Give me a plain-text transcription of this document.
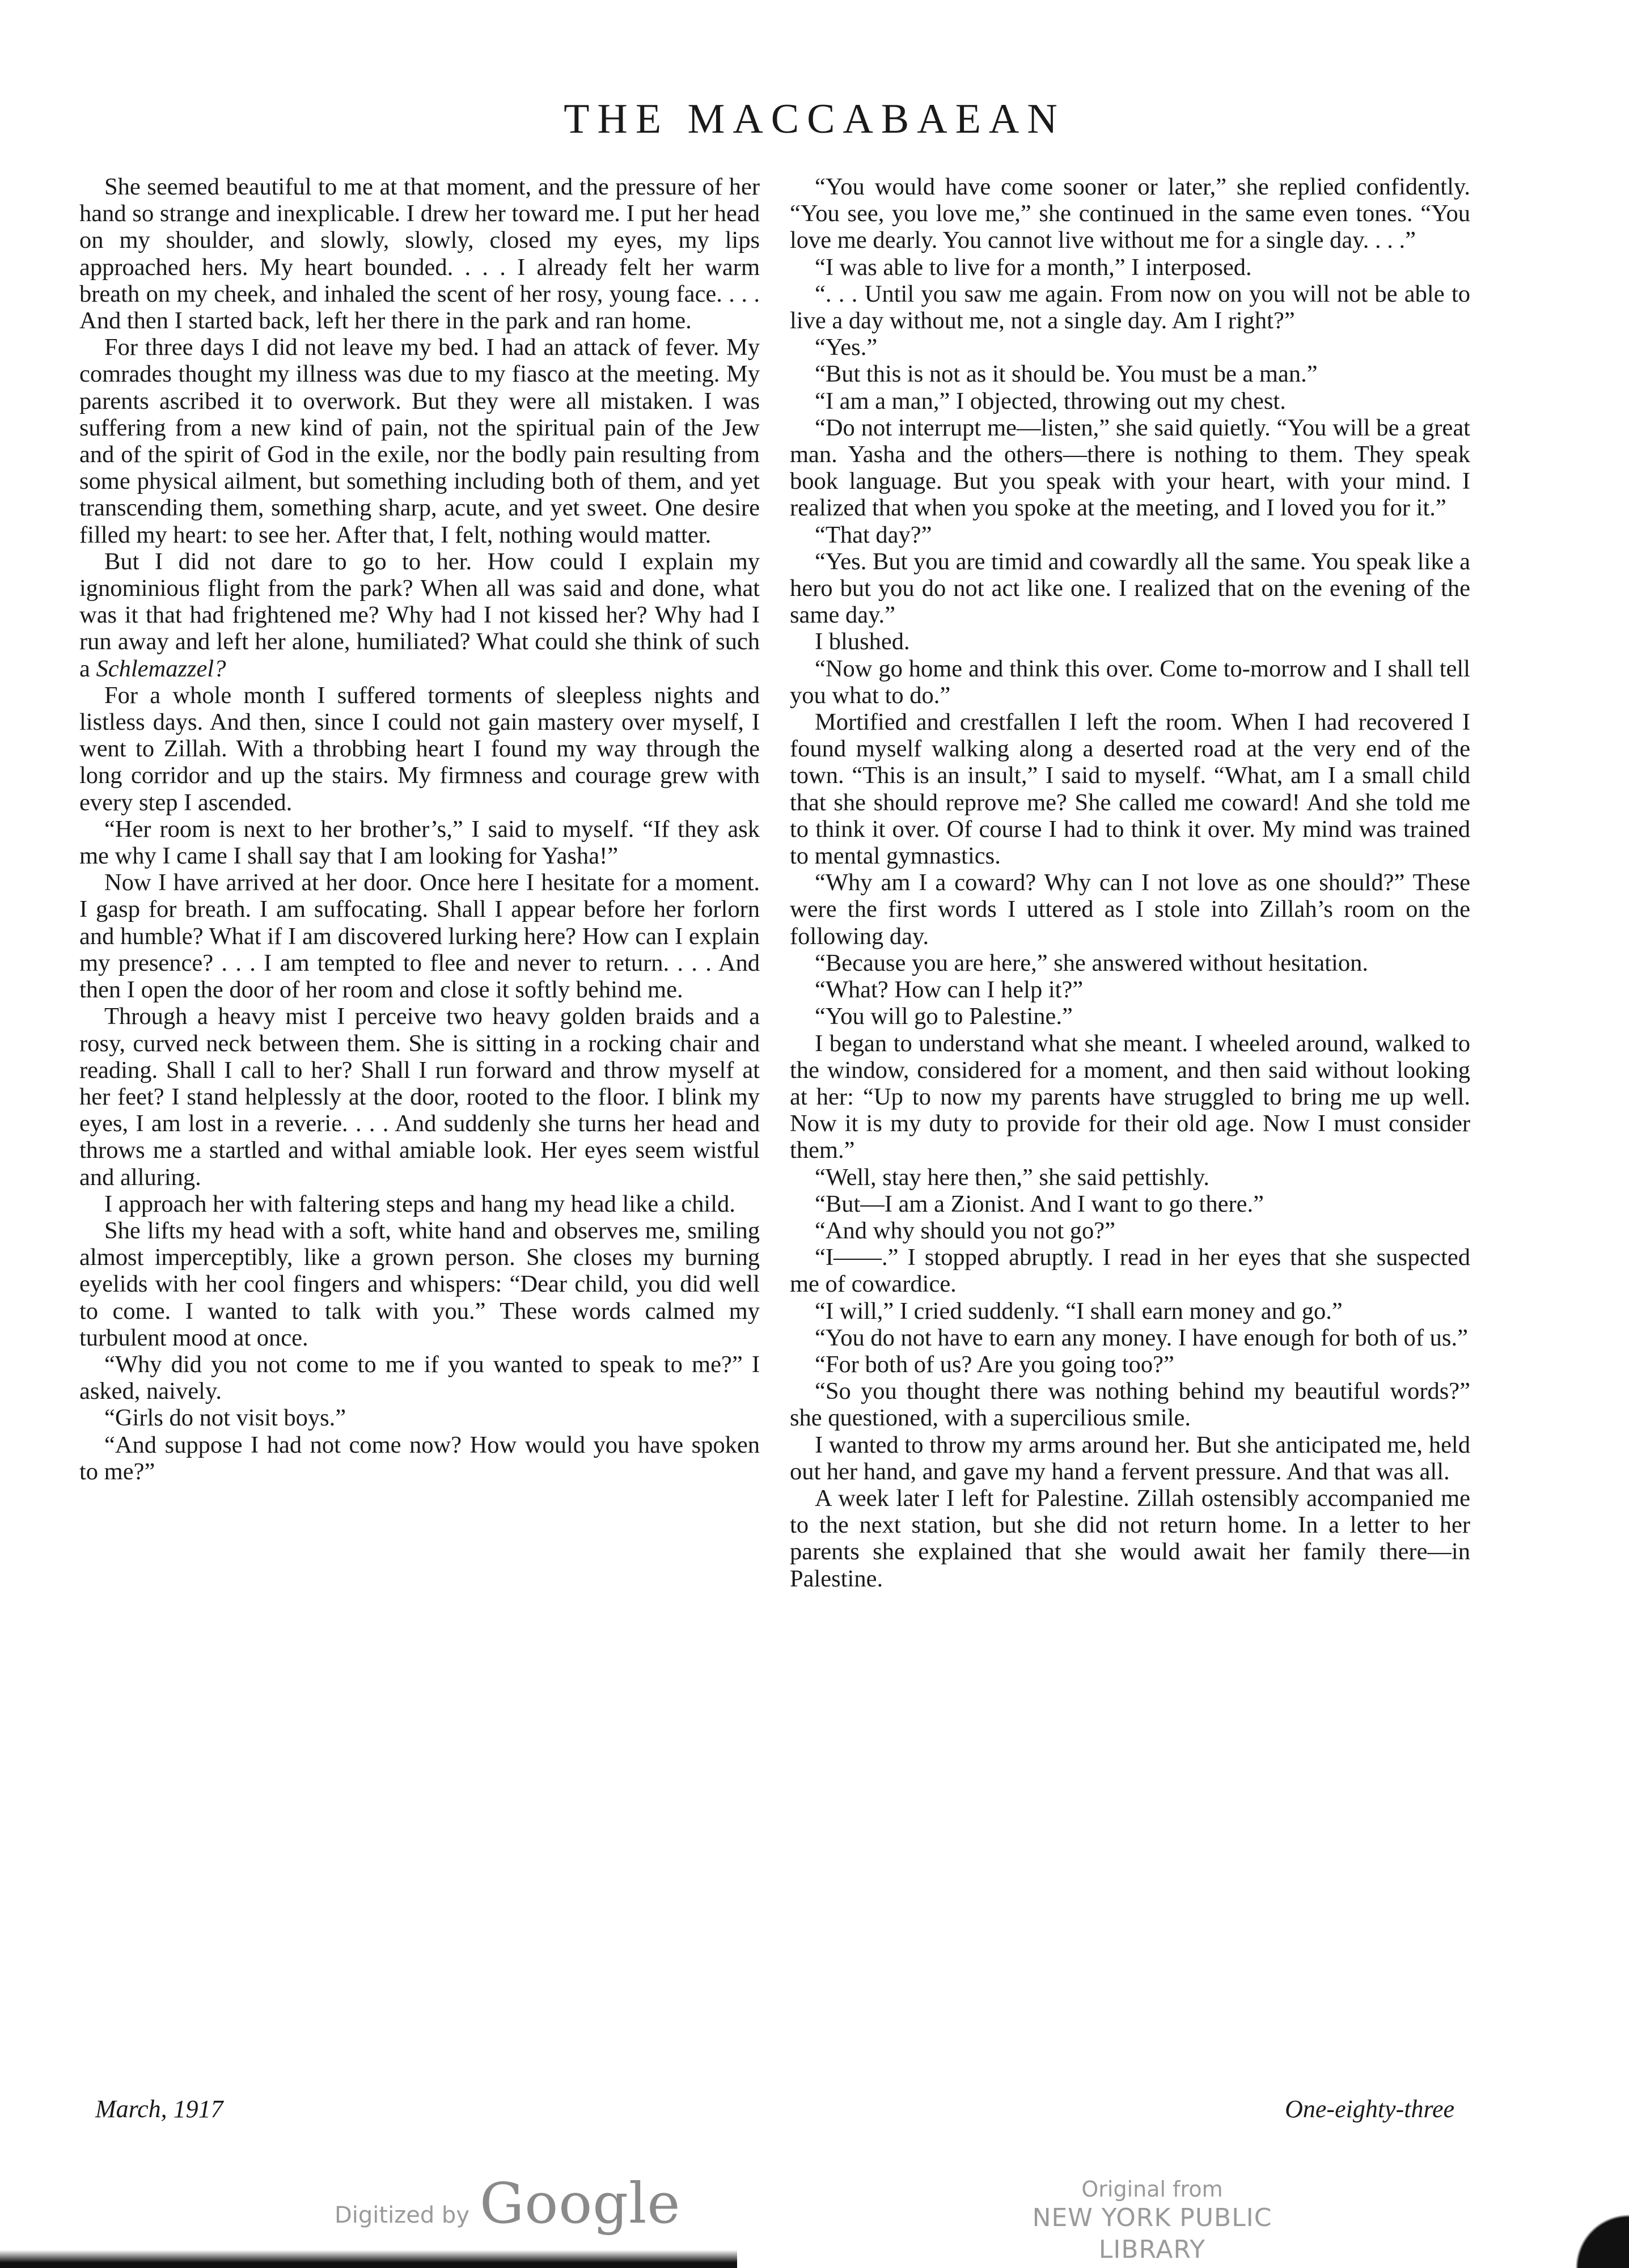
THE MACCABAEAN

She seemed beautiful to me at that moment, and the pressure of her hand so strange and inexplicable. I drew her toward me. I put her head on my shoulder, and slowly, slowly, closed my eyes, my lips approached hers. My heart bounded. . . . I already felt her warm breath on my cheek, and inhaled the scent of her rosy, young face. . . . And then I started back, left her there in the park and ran home.

For three days I did not leave my bed. I had an attack of fever. My comrades thought my illness was due to my fiasco at the meeting. My parents ascribed it to overwork. But they were all mistaken. I was suffering from a new kind of pain, not the spiritual pain of the Jew and of the spirit of God in the exile, nor the bodly pain resulting from some physical ailment, but something including both of them, and yet transcending them, something sharp, acute, and yet sweet. One desire filled my heart: to see her. After that, I felt, nothing would matter.

But I did not dare to go to her. How could I explain my ignominious flight from the park? When all was said and done, what was it that had frightened me? Why had I not kissed her? Why had I run away and left her alone, humiliated? What could she think of such a Schlemazzel?

For a whole month I suffered torments of sleepless nights and listless days. And then, since I could not gain mastery over myself, I went to Zillah. With a throbbing heart I found my way through the long corridor and up the stairs. My firmness and courage grew with every step I ascended.

“Her room is next to her brother’s,” I said to myself. “If they ask me why I came I shall say that I am looking for Yasha!”

Now I have arrived at her door. Once here I hesitate for a moment. I gasp for breath. I am suffocating. Shall I appear before her forlorn and humble? What if I am discovered lurking here? How can I explain my presence? . . . I am tempted to flee and never to return. . . . And then I open the door of her room and close it softly behind me.

Through a heavy mist I perceive two heavy golden braids and a rosy, curved neck between them. She is sitting in a rocking chair and reading. Shall I call to her? Shall I run forward and throw myself at her feet? I stand helplessly at the door, rooted to the floor. I blink my eyes, I am lost in a reverie. . . . And suddenly she turns her head and throws me a startled and withal amiable look. Her eyes seem wistful and alluring.

I approach her with faltering steps and hang my head like a child.

She lifts my head with a soft, white hand and observes me, smiling almost imperceptibly, like a grown person. She closes my burning eyelids with her cool fingers and whispers: “Dear child, you did well to come. I wanted to talk with you.” These words calmed my turbulent mood at once.

“Why did you not come to me if you wanted to speak to me?” I asked, naively.

“Girls do not visit boys.”

“And suppose I had not come now? How would you have spoken to me?”

“You would have come sooner or later,” she replied confidently. “You see, you love me,” she continued in the same even tones. “You love me dearly. You cannot live without me for a single day. . . .”

“I was able to live for a month,” I interposed.

“. . . Until you saw me again. From now on you will not be able to live a day without me, not a single day. Am I right?”

“Yes.”

“But this is not as it should be. You must be a man.”

“I am a man,” I objected, throwing out my chest.

“Do not interrupt me—listen,” she said quietly. “You will be a great man. Yasha and the others—there is nothing to them. They speak book language. But you speak with your heart, with your mind. I realized that when you spoke at the meeting, and I loved you for it.”

“That day?”

“Yes. But you are timid and cowardly all the same. You speak like a hero but you do not act like one. I realized that on the evening of the same day.”

I blushed.

“Now go home and think this over. Come to-morrow and I shall tell you what to do.”

Mortified and crestfallen I left the room. When I had recovered I found myself walking along a deserted road at the very end of the town. “This is an insult,” I said to myself. “What, am I a small child that she should reprove me? She called me coward! And she told me to think it over. Of course I had to think it over. My mind was trained to mental gymnastics.

“Why am I a coward? Why can I not love as one should?” These were the first words I uttered as I stole into Zillah’s room on the following day.

“Because you are here,” she answered without hesitation.

“What? How can I help it?”

“You will go to Palestine.”

I began to understand what she meant. I wheeled around, walked to the window, considered for a moment, and then said without looking at her: “Up to now my parents have struggled to bring me up well. Now it is my duty to provide for their old age. Now I must consider them.”

“Well, stay here then,” she said pettishly.

“But—I am a Zionist. And I want to go there.”

“And why should you not go?”

“I——.” I stopped abruptly. I read in her eyes that she suspected me of cowardice.

“I will,” I cried suddenly. “I shall earn money and go.”

“You do not have to earn any money. I have enough for both of us.”

“For both of us? Are you going too?”

“So you thought there was nothing behind my beautiful words?” she questioned, with a supercilious smile.

I wanted to throw my arms around her. But she anticipated me, held out her hand, and gave my hand a fervent pressure. And that was all.

A week later I left for Palestine. Zillah ostensibly accompanied me to the next station, but she did not return home. In a letter to her parents she explained that she would await her family there—in Palestine.

March, 1917	One-eighty-three
Digitized by Google	Original from
NEW YORK PUBLIC LIBRARY
